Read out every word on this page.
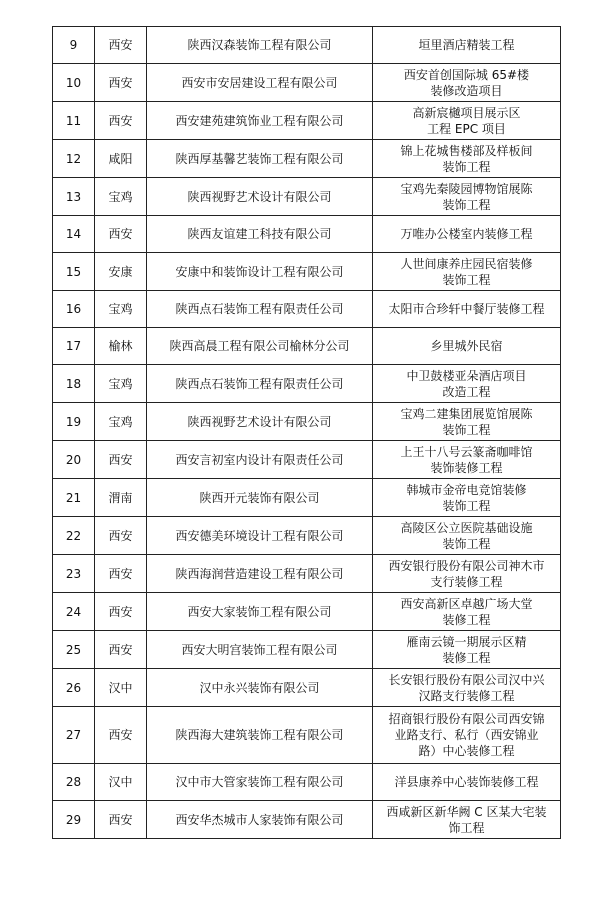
9	西安	陕西汉森装饰工程有限公司	垣里酒店精装工程

10	西安	西安市安居建设工程有限公司	西安首创国际城 65#楼
装修改造项目

11	西安	西安建苑建筑饰业工程有限公司	高新宸樾项目展示区
工程 EPC 项目

12	咸阳	陕西厚基馨艺装饰工程有限公司	锦上花城售楼部及样板间
装饰工程

13	宝鸡	陕西视野艺术设计有限公司	宝鸡先秦陵园博物馆展陈
装饰工程

14	西安	陕西友谊建工科技有限公司	万唯办公楼室内装修工程

15	安康	安康中和装饰设计工程有限公司	人世间康养庄园民宿装修
装饰工程

16	宝鸡	陕西点石装饰工程有限责任公司	太阳市合珍轩中餐厅装修工程

17	榆林	陕西高晨工程有限公司榆林分公司	乡里城外民宿

18	宝鸡	陕西点石装饰工程有限责任公司	中卫鼓楼亚朵酒店项目
改造工程

19	宝鸡	陕西视野艺术设计有限公司	宝鸡二建集团展览馆展陈
装饰工程

20	西安	西安言初室内设计有限责任公司	上王十八号云篆斋咖啡馆
装饰装修工程

21	渭南	陕西开元装饰有限公司	韩城市金帝电竞馆装修
装饰工程

22	西安	西安德美环境设计工程有限公司	高陵区公立医院基础设施
装饰工程

23	西安	陕西海润营造建设工程有限公司	西安银行股份有限公司神木市
支行装修工程

24	西安	西安大家装饰工程有限公司	西安高新区卓越广场大堂
装修工程

25	西安	西安大明宫装饰工程有限公司	雁南云镜一期展示区精
装修工程

26	汉中	汉中永兴装饰有限公司	长安银行股份有限公司汉中兴
汉路支行装修工程

27	西安	陕西海大建筑装饰工程有限公司	招商银行股份有限公司西安锦
业路支行、私行（西安锦业
路）中心装修工程

28	汉中	汉中市大管家装饰工程有限公司	洋县康养中心装饰装修工程

29	西安	西安华杰城市人家装饰有限公司	西咸新区新华阙 C 区某大宅装
饰工程
